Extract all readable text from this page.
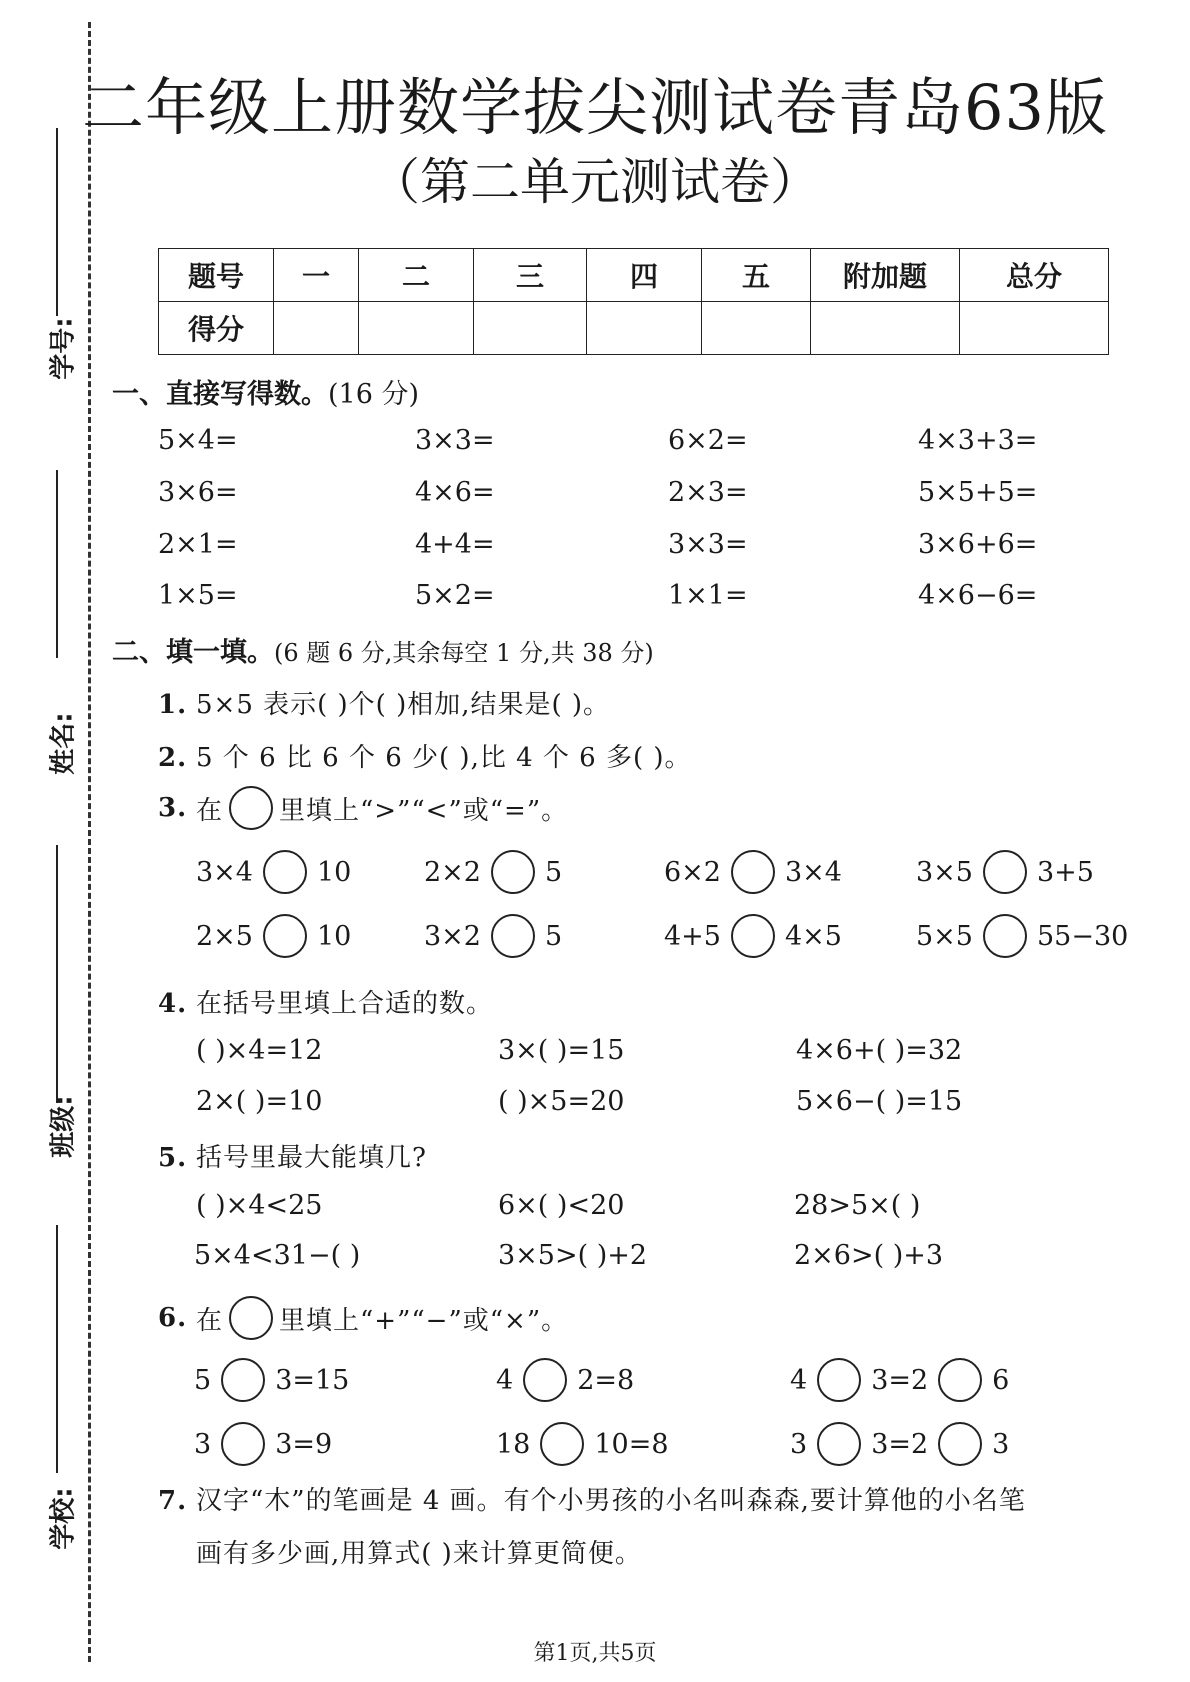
学号:
姓名:
班级:
学校:
二年级上册数学拔尖测试卷青岛63版
（第二单元测试卷）
题号	一	二	三	四	五	附加题	总分
得分							
一、直接写得数。(16 分)
5×4=	3×3=	6×2=	4×3+3=
3×6=	4×6=	2×3=	5×5+5=
2×1=	4+4=	3×3=	3×6+6=
1×5=	5×2=	1×1=	4×6−6=
二、填一填。(6 题 6 分,其余每空 1 分,共 38 分)
1. 5×5 表示( )个( )相加,结果是( )。
2. 5 个 6 比 6 个 6 少( ),比 4 个 6 多( )。
3. 在 里填上“>”“<”或“=”。
3×4 10	2×2 5	6×2 3×4	3×5 3+5
2×5 10	3×2 5	4+5 4×5	5×5 55−30
4. 在括号里填上合适的数。
( )×4=12	3×( )=15	4×6+( )=32
2×( )=10	( )×5=20	5×6−( )=15
5. 括号里最大能填几?
( )×4<25	6×( )<20	28>5×( )
5×4<31−( )	3×5>( )+2	2×6>( )+3
6. 在 里填上“+”“−”或“×”。
5 3=15	4 2=8	4 3=2 6
3 3=9	18 10=8	3 3=2 3
7. 汉字“木”的笔画是 4 画。有个小男孩的小名叫森森,要计算他的小名笔
画有多少画,用算式( )来计算更简便。
第1页,共5页
